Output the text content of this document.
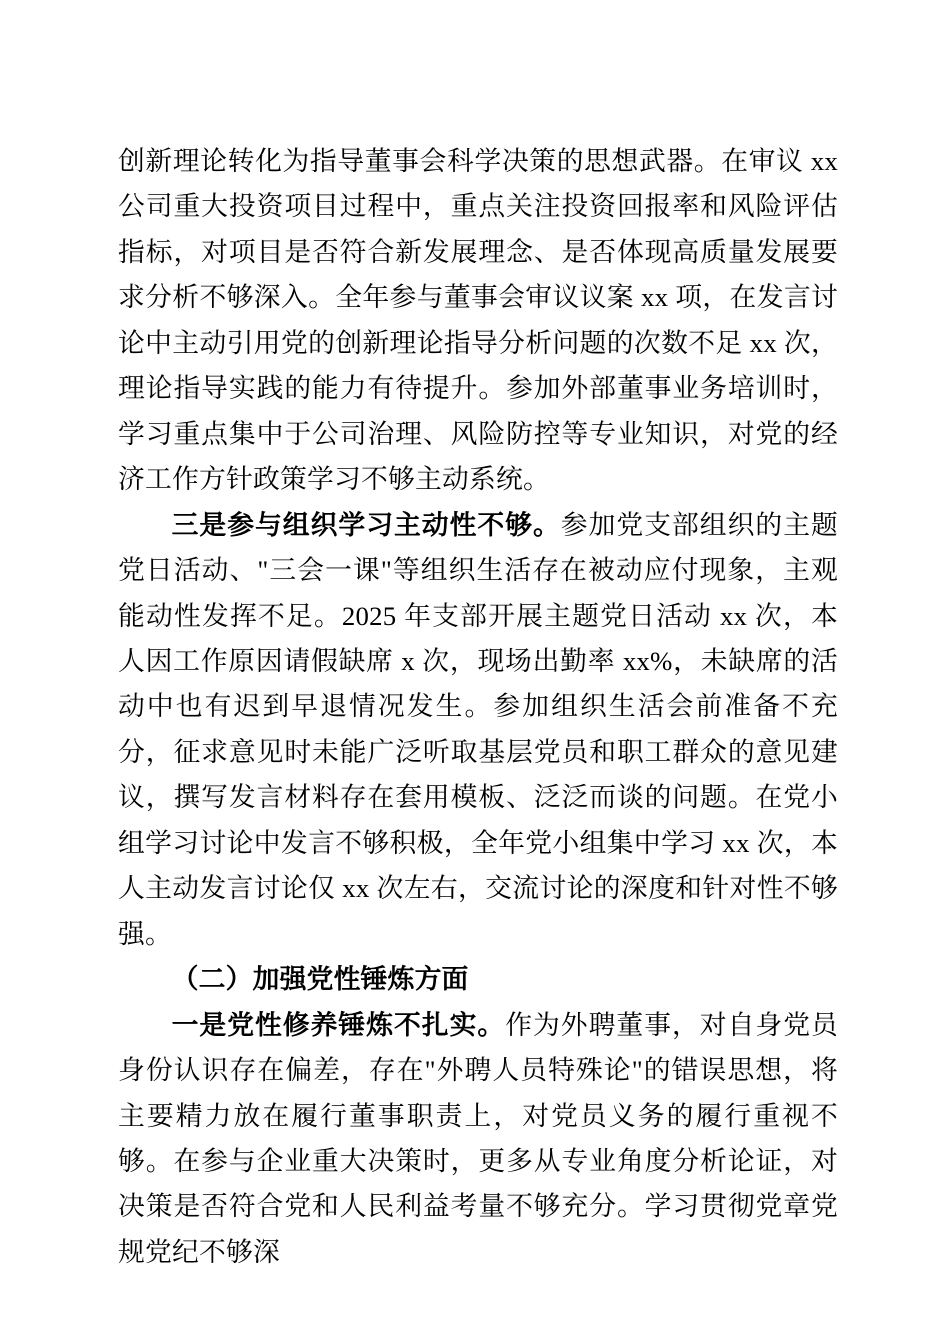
创新理论转化为指导董事会科学决策的思想武器。在审议 xx 公司重大投资项目过程中，重点关注投资回报率和风险评估指标，对项目是否符合新发展理念、是否体现高质量发展要求分析不够深入。全年参与董事会审议议案 xx 项，在发言讨论中主动引用党的创新理论指导分析问题的次数不足 xx 次，理论指导实践的能力有待提升。参加外部董事业务培训时，学习重点集中于公司治理、风险防控等专业知识，对党的经济工作方针政策学习不够主动系统。

三是参与组织学习主动性不够。参加党支部组织的主题党日活动、"三会一课"等组织生活存在被动应付现象，主观能动性发挥不足。2025 年支部开展主题党日活动 xx 次，本人因工作原因请假缺席 x 次，现场出勤率 xx%，未缺席的活动中也有迟到早退情况发生。参加组织生活会前准备不充分，征求意见时未能广泛听取基层党员和职工群众的意见建议，撰写发言材料存在套用模板、泛泛而谈的问题。在党小组学习讨论中发言不够积极，全年党小组集中学习 xx 次，本人主动发言讨论仅 xx 次左右，交流讨论的深度和针对性不够强。

（二）加强党性锤炼方面

一是党性修养锤炼不扎实。作为外聘董事，对自身党员身份认识存在偏差，存在"外聘人员特殊论"的错误思想，将主要精力放在履行董事职责上，对党员义务的履行重视不够。在参与企业重大决策时，更多从专业角度分析论证，对决策是否符合党和人民利益考量不够充分。学习贯彻党章党规党纪不够深
